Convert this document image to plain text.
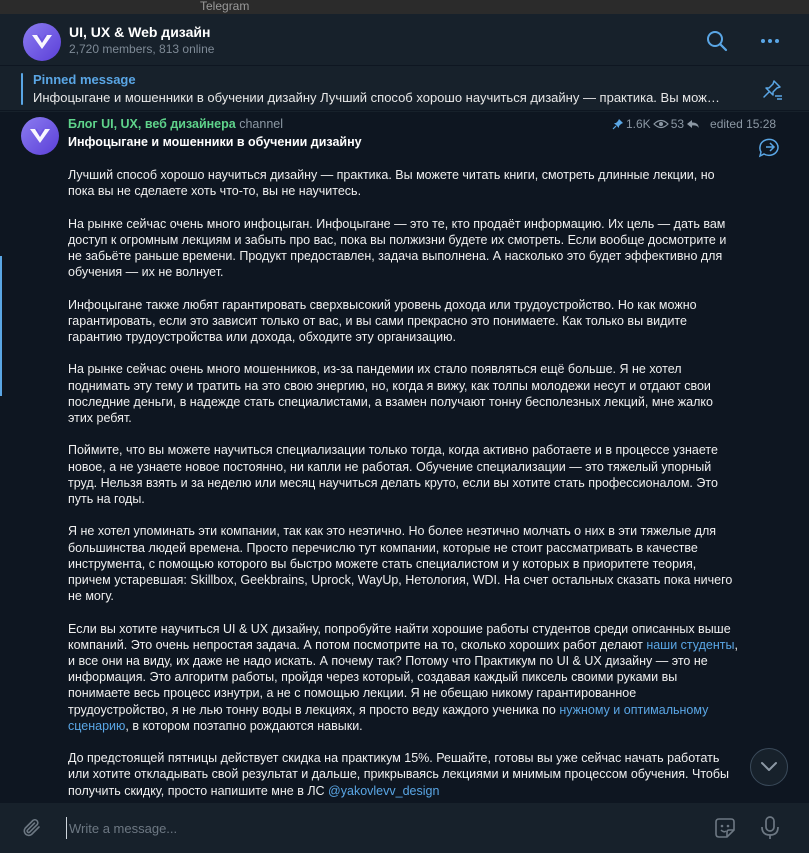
Telegram
UI, UX & Web дизайн
2,720 members, 813 online
Pinned message
Инфоцыгане и мошенники в обучении дизайну Лучший способ хорошо научиться дизайну — практика. Вы мож…
Блог UI, UX, веб дизайнера channel	1.6K 53 edited 15:28
Инфоцыгане и мошенники в обучении дизайну

Лучший способ хорошо научиться дизайну — практика. Вы можете читать книги, смотреть длинные лекции, но пока вы не сделаете хоть что-то, вы не научитесь.

На рынке сейчас очень много инфоцыган. Инфоцыгане — это те, кто продаёт информацию. Их цель — дать вам доступ к огромным лекциям и забыть про вас, пока вы полжизни будете их смотреть. Если вообще досмотрите и не забьёте раньше времени. Продукт предоставлен, задача выполнена. А насколько это будет эффективно для обучения — их не волнует.

Инфоцыгане также любят гарантировать сверхвысокий уровень дохода или трудоустройство. Но как можно гарантировать, если это зависит только от вас, и вы сами прекрасно это понимаете. Как только вы видите гарантию трудоустройства или дохода, обходите эту организацию.

На рынке сейчас очень много мошенников, из-за пандемии их стало появляться ещё больше. Я не хотел поднимать эту тему и тратить на это свою энергию, но, когда я вижу, как толпы молодежи несут и отдают свои последние деньги, в надежде стать специалистами, а взамен получают тонну бесполезных лекций, мне жалко этих ребят.

Поймите, что вы можете научиться специализации только тогда, когда активно работаете и в процессе узнаете новое, а не узнаете новое постоянно, ни капли не работая. Обучение специализации — это тяжелый упорный труд. Нельзя взять и за неделю или месяц научиться делать круто, если вы хотите стать профессионалом. Это путь на годы.

Я не хотел упоминать эти компании, так как это неэтично. Но более неэтично молчать о них в эти тяжелые для большинства людей времена. Просто перечислю тут компании, которые не стоит рассматривать в качестве инструмента, с помощью которого вы быстро можете стать специалистом и у которых в приоритете теория, причем устаревшая: Skillbox, Geekbrains, Uprock, WayUp, Нетология, WDI. На счет остальных сказать пока ничего не могу.

Если вы хотите научиться UI & UX дизайну, попробуйте найти хорошие работы студентов среди описанных выше компаний. Это очень непростая задача. А потом посмотрите на то, сколько хороших работ делают наши студенты, и все они на виду, их даже не надо искать. А почему так? Потому что Практикум по UI & UX дизайну — это не информация. Это алгоритм работы, пройдя через который, создавая каждый пиксель своими руками вы понимаете весь процесс изнутри, а не с помощью лекции. Я не обещаю никому гарантированное трудоустройство, я не лью тонну воды в лекциях, я просто веду каждого ученика по нужному и оптимальному сценарию, в котором поэтапно рождаются навыки.

До предстоящей пятницы действует скидка на практикум 15%. Решайте, готовы вы уже сейчас начать работать или хотите откладывать свой результат и дальше, прикрываясь лекциями и мнимым процессом обучения. Чтобы получить скидку, просто напишите мне в ЛС @yakovlevv_design

Write a message...
